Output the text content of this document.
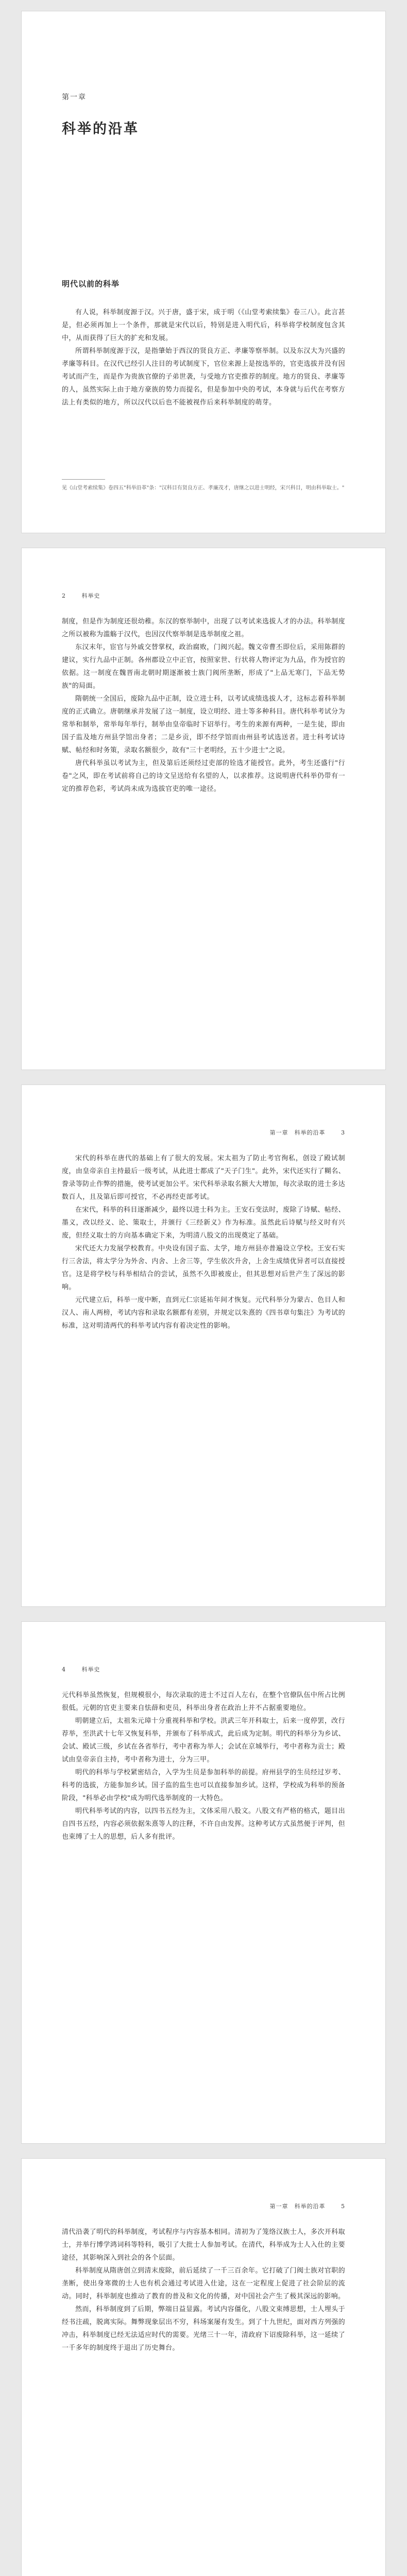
第一章
科举的沿革
明代以前的科举

有人说，科举制度源于汉。兴于唐，盛于宋，成于明（《山堂考索续集》卷三八）。此言甚是，但必须再加上一个条件，那就是宋代以后，特别是进入明代后，科举将学校制度包含其中，从而获得了巨大的扩充和发展。

所谓科举制度源于汉，是指肇始于西汉的贤良方正、孝廉等察举制。以及东汉大为兴盛的孝廉等科目。在汉代已经引人注目的考试制度下，官位来源上是按选举的，官吏选拔并没有因考试而产生，而是作为贵族官僚的子弟世袭，与受地方官吏推荐的制度。地方的贤良、孝廉等的人，虽然实际上由于地方豪族的势力而提名，但是参加中央的考试，本身就与后代在考察方法上有类似的地方，所以汉代以后也不能被视作后来科举制度的萌芽。

见《山堂考索续集》卷四五"科举沿革"条："汉科目有贤良方正、孝廉茂才，唐继之以进士明经，宋兴科目，明由科举取士。"

2	科举史

制度，但是作为制度还很幼稚。东汉的察举制中，出现了以考试来选拔人才的办法。科举制度之所以被称为滥觞于汉代，也因汉代察举制是选举制度之祖。

东汉末年，宦官与外戚交替掌权，政治腐败，门阀兴起。魏文帝曹丕即位后，采用陈群的建议，实行九品中正制。各州郡设立中正官，按照家世、行状将人物评定为九品，作为授官的依据。这一制度在魏晋南北朝时期逐渐被士族门阀所垄断，形成了"上品无寒门，下品无势族"的局面。

隋朝统一全国后，废除九品中正制，设立进士科，以考试成绩选拔人才，这标志着科举制度的正式确立。唐朝继承并发展了这一制度，设立明经、进士等多种科目。唐代科举考试分为常举和制举，常举每年举行，制举由皇帝临时下诏举行。考生的来源有两种，一是生徒，即由国子监及地方州县学馆出身者；二是乡贡，即不经学馆而由州县考试选送者。进士科考试诗赋、帖经和时务策，录取名额很少，故有"三十老明经，五十少进士"之说。

唐代科举虽以考试为主，但及第后还须经过吏部的铨选才能授官。此外，考生还盛行"行卷"之风，即在考试前将自己的诗文呈送给有名望的人，以求推荐。这说明唐代科举仍带有一定的推荐色彩，考试尚未成为选拔官吏的唯一途径。

第一章　科举的沿革	3

宋代的科举在唐代的基础上有了很大的发展。宋太祖为了防止考官徇私，创设了殿试制度，由皇帝亲自主持最后一级考试，从此进士都成了"天子门生"。此外，宋代还实行了糊名、誊录等防止作弊的措施，使考试更加公平。宋代科举录取名额大大增加，每次录取的进士多达数百人，且及第后即可授官，不必再经吏部考试。

在宋代，科举的科目逐渐减少，最终以进士科为主。王安石变法时，废除了诗赋、帖经、墨义，改以经义、论、策取士，并颁行《三经新义》作为标准。虽然此后诗赋与经义时有兴废，但经义取士的方向基本确定下来，为明清八股文的出现奠定了基础。

宋代还大力发展学校教育。中央设有国子监、太学，地方州县亦普遍设立学校。王安石实行三舍法，将太学分为外舍、内舍、上舍三等，学生依次升舍，上舍生成绩优异者可以直接授官。这是将学校与科举相结合的尝试，虽然不久即被废止，但其思想对后世产生了深远的影响。

元代建立后，科举一度中断，直到元仁宗延祐年间才恢复。元代科举分为蒙古、色目人和汉人、南人两榜，考试内容和录取名额都有差别，并规定以朱熹的《四书章句集注》为考试的标准，这对明清两代的科举考试内容有着决定性的影响。

4	科举史

元代科举虽然恢复，但规模很小，每次录取的进士不过百人左右，在整个官僚队伍中所占比例很低。元朝的官吏主要来自怯薛和吏员，科举出身者在政治上并不占据重要地位。

明朝建立后，太祖朱元璋十分重视科举和学校。洪武三年开科取士，后来一度停罢，改行荐举，至洪武十七年又恢复科举，并颁布了科举成式，此后成为定制。明代的科举分为乡试、会试、殿试三级，乡试在各省举行，考中者称为举人；会试在京城举行，考中者称为贡士；殿试由皇帝亲自主持，考中者称为进士，分为三甲。

明代的科举与学校紧密结合，入学为生员是参加科举的前提。府州县学的生员经过岁考、科考的选拔，方能参加乡试。国子监的监生也可以直接参加乡试。这样，学校成为科举的预备阶段，"科举必由学校"成为明代选举制度的一大特色。

明代科举考试的内容，以四书五经为主，文体采用八股文。八股文有严格的格式，题目出自四书五经，内容必须依据朱熹等人的注释，不许自由发挥。这种考试方式虽然便于评判，但也束缚了士人的思想，后人多有批评。

第一章　科举的沿革	5

清代沿袭了明代的科举制度，考试程序与内容基本相同。清初为了笼络汉族士人，多次开科取士，并举行博学鸿词科等特科，吸引了大批士人参加考试。在清代，科举成为士人入仕的主要途径，其影响深入到社会的各个层面。

科举制度从隋唐创立到清末废除，前后延续了一千三百余年。它打破了门阀士族对官职的垄断，使出身寒微的士人也有机会通过考试进入仕途，这在一定程度上促进了社会阶层的流动。同时，科举制度也推动了教育的普及和文化的传播，对中国社会产生了极其深远的影响。

然而，科举制度到了后期，弊端日益显露。考试内容僵化，八股文束缚思想，士人埋头于经书注疏，脱离实际。舞弊现象层出不穷，科场案屡有发生。到了十九世纪，面对西方列强的冲击，科举制度已经无法适应时代的需要。光绪三十一年，清政府下诏废除科举，这一延续了一千多年的制度终于退出了历史舞台。
